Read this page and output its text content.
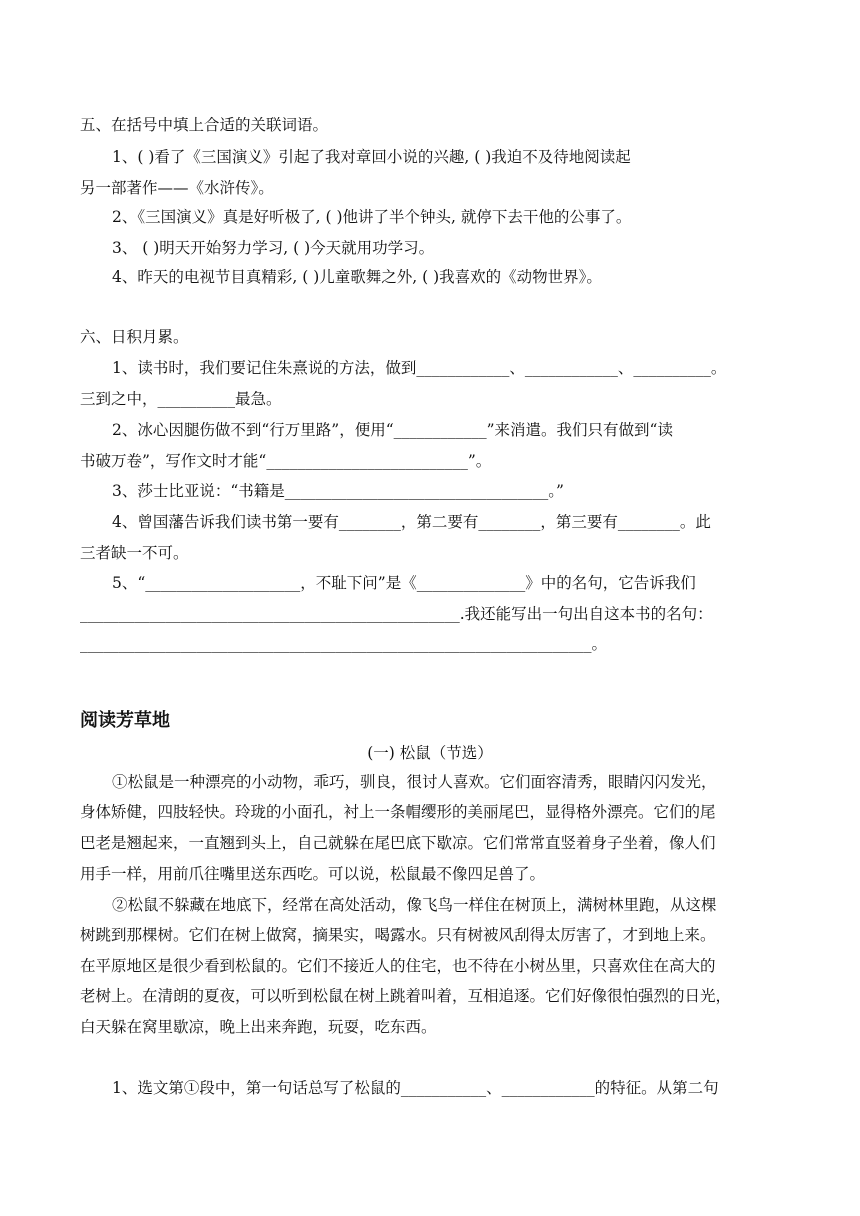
五、在括号中填上合适的关联词语。
1、( )看了《三国演义》引起了我对章回小说的兴趣, ( )我迫不及待地阅读起
另一部著作——《水浒传》。
2、《三国演义》真是好听极了, ( )他讲了半个钟头, 就停下去干他的公事了。
3、 ( )明天开始努力学习, ( )今天就用功学习。
4、昨天的电视节目真精彩, ( )儿童歌舞之外, ( )我喜欢的《动物世界》。
六、日积月累。
1、读书时，我们要记住朱熹说的方法，做到____________、____________、__________。
三到之中，__________最急。
2、冰心因腿伤做不到“行万里路”，便用“____________”来消遣。我们只有做到“读
书破万卷”，写作文时才能“__________________________”。
3、莎士比亚说：“书籍是__________________________________。”
4、曾国藩告诉我们读书第一要有________，第二要有________，第三要有________。此
三者缺一不可。
5、“____________________，不耻下问”是《______________》中的名句，它告诉我们
_________________________________________________.我还能写出一句出自这本书的名句：
__________________________________________________________________。
阅读芳草地
(一) 松鼠（节选）
①松鼠是一种漂亮的小动物，乖巧，驯良，很讨人喜欢。它们面容清秀，眼睛闪闪发光，
身体矫健，四肢轻快。玲珑的小面孔，衬上一条帽缨形的美丽尾巴，显得格外漂亮。它们的尾
巴老是翘起来，一直翘到头上，自己就躲在尾巴底下歇凉。它们常常直竖着身子坐着，像人们
用手一样，用前爪往嘴里送东西吃。可以说，松鼠最不像四足兽了。
②松鼠不躲藏在地底下，经常在高处活动，像飞鸟一样住在树顶上，满树林里跑，从这棵
树跳到那棵树。它们在树上做窝，摘果实，喝露水。只有树被风刮得太厉害了，才到地上来。
在平原地区是很少看到松鼠的。它们不接近人的住宅，也不待在小树丛里，只喜欢住在高大的
老树上。在清朗的夏夜，可以听到松鼠在树上跳着叫着，互相追逐。它们好像很怕强烈的日光，
白天躲在窝里歇凉，晚上出来奔跑，玩耍，吃东西。
1、选文第①段中，第一句话总写了松鼠的___________、____________的特征。从第二句
